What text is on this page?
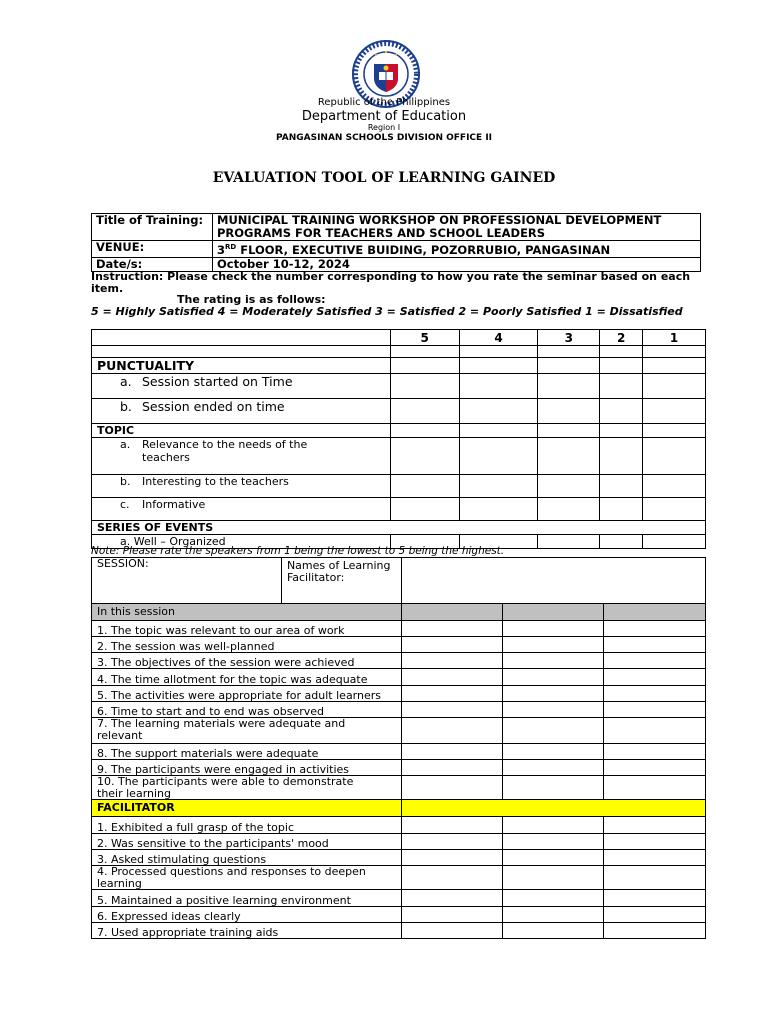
Republic of the Philippines
Department of Education
Region I
PANGASINAN SCHOOLS DIVISION OFFICE II
EVALUATION TOOL OF LEARNING GAINED
Title of Training:	MUNICIPAL TRAINING WORKSHOP ON PROFESSIONAL DEVELOPMENT PROGRAMS FOR TEACHERS AND SCHOOL LEADERS
VENUE:	3RD FLOOR, EXECUTIVE BUIDING, POZORRUBIO, PANGASINAN
Date/s:	October 10-12, 2024
Instruction: Please check the number corresponding to how you rate the seminar based on each item.
The rating is as follows:
5 = Highly Satisfied 4 = Moderately Satisfied 3 = Satisfied 2 = Poorly Satisfied 1 = Dissatisfied
	5	4	3	2	1

PUNCTUALITY					
a. Session started on Time					
b. Session ended on time					
TOPIC					
a. Relevance to the needs of the teachers					
b. Interesting to the teachers					
c. Informative					
SERIES OF EVENTS					
a. Well – Organized					
Note: Please rate the speakers from 1 being the lowest to 5 being the highest.
SESSION:	Names of Learning Facilitator:			
In this session				
1. The topic was relevant to our area of work				
2. The session was well-planned				
3. The objectives of the session were achieved				
4. The time allotment for the topic was adequate				
5. The activities were appropriate for adult learners				
6. Time to start and to end was observed				

7. The learning materials were adequate and relevant				

8. The support materials were adequate				
9. The participants were engaged in activities				

10. The participants were able to demonstrate their learning				

FACILITATOR				
1. Exhibited a full grasp of the topic				
2. Was sensitive to the participants' mood				
3. Asked stimulating questions				

4. Processed questions and responses to deepen learning				

5. Maintained a positive learning environment				
6. Expressed ideas clearly				
7. Used appropriate training aids				
